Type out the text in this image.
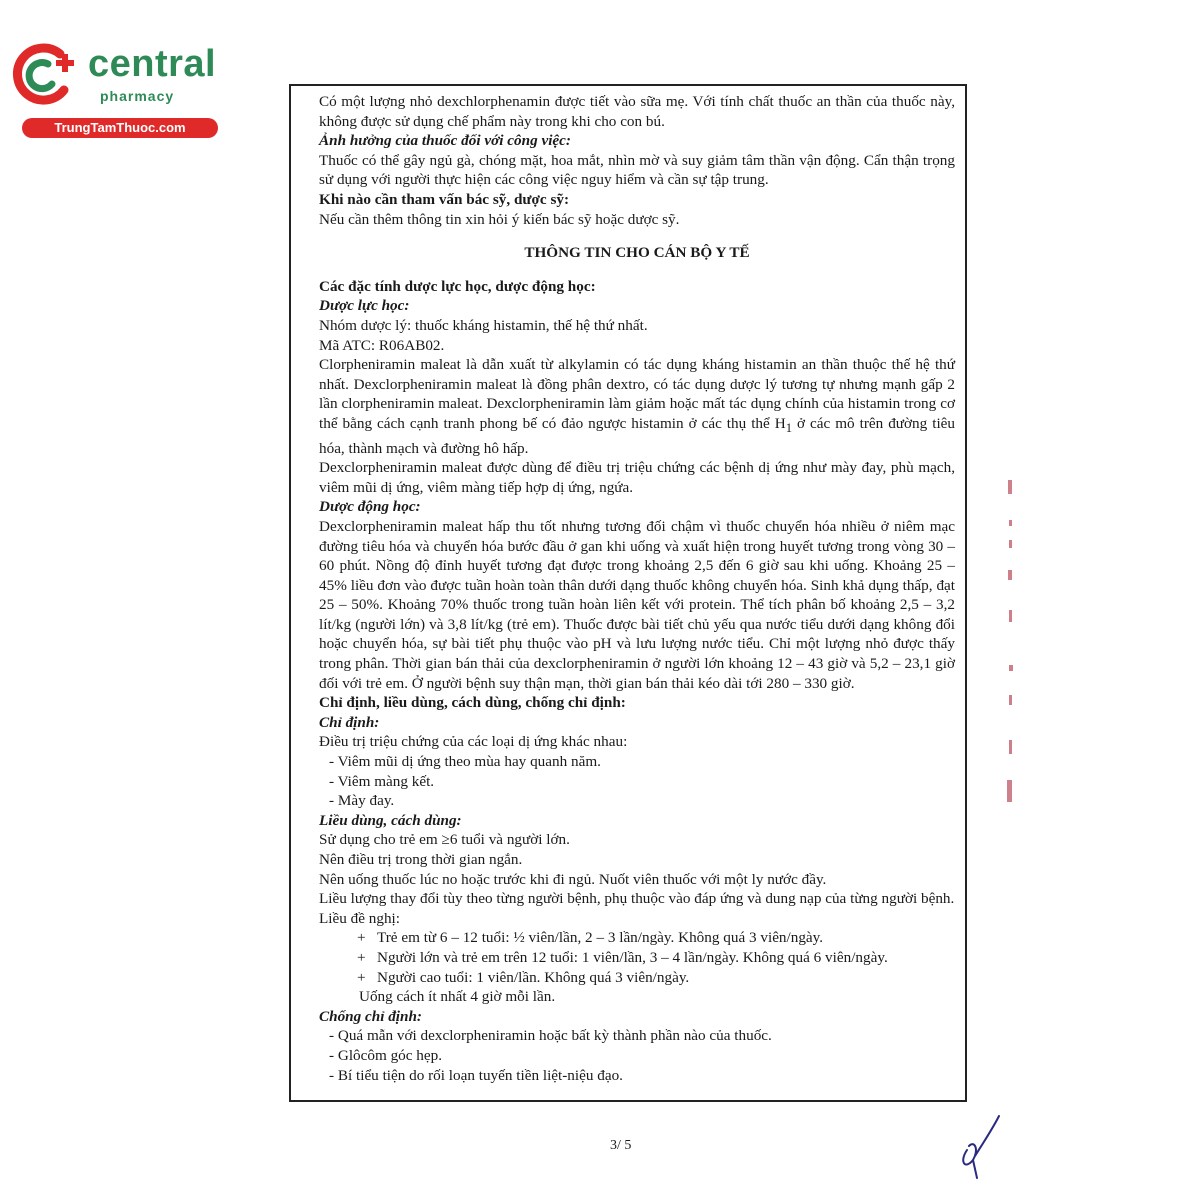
central
pharmacy
TrungTamThuoc.com

Có một lượng nhỏ dexchlorphenamin được tiết vào sữa mẹ. Với tính chất thuốc an thần của thuốc này, không được sử dụng chế phẩm này trong khi cho con bú.

Ảnh hưởng của thuốc đối với công việc:

Thuốc có thể gây ngủ gà, chóng mặt, hoa mắt, nhìn mờ và suy giảm tâm thần vận động. Cẩn thận trọng sử dụng với người thực hiện các công việc nguy hiểm và cần sự tập trung.

Khi nào cần tham vấn bác sỹ, dược sỹ:

Nếu cần thêm thông tin xin hỏi ý kiến bác sỹ hoặc dược sỹ.

THÔNG TIN CHO CÁN BỘ Y TẾ

Các đặc tính dược lực học, dược động học:

Dược lực học:

Nhóm dược lý: thuốc kháng histamin, thế hệ thứ nhất.

Mã ATC: R06AB02.

Clorpheniramin maleat là dẫn xuất từ alkylamin có tác dụng kháng histamin an thần thuộc thế hệ thứ nhất. Dexclorpheniramin maleat là đồng phân dextro, có tác dụng dược lý tương tự nhưng mạnh gấp 2 lần clorpheniramin maleat. Dexclorpheniramin làm giảm hoặc mất tác dụng chính của histamin trong cơ thể bằng cách cạnh tranh phong bế có đảo ngược histamin ở các thụ thể $H_1$ ở các mô trên đường tiêu hóa, thành mạch và đường hô hấp.

Dexclorpheniramin maleat được dùng để điều trị triệu chứng các bệnh dị ứng như mày đay, phù mạch, viêm mũi dị ứng, viêm màng tiếp hợp dị ứng, ngứa.

Dược động học:

Dexclorpheniramin maleat hấp thu tốt nhưng tương đối chậm vì thuốc chuyển hóa nhiều ở niêm mạc đường tiêu hóa và chuyển hóa bước đầu ở gan khi uống và xuất hiện trong huyết tương trong vòng 30 – 60 phút. Nồng độ đỉnh huyết tương đạt được trong khoảng 2,5 đến 6 giờ sau khi uống. Khoảng 25 – 45% liều đơn vào được tuần hoàn toàn thân dưới dạng thuốc không chuyển hóa. Sinh khả dụng thấp, đạt 25 – 50%. Khoảng 70% thuốc trong tuần hoàn liên kết với protein. Thể tích phân bố khoảng 2,5 – 3,2 lít/kg (người lớn) và 3,8 lít/kg (trẻ em). Thuốc được bài tiết chủ yếu qua nước tiểu dưới dạng không đổi hoặc chuyển hóa, sự bài tiết phụ thuộc vào pH và lưu lượng nước tiểu. Chỉ một lượng nhỏ được thấy trong phân. Thời gian bán thải của dexclorpheniramin ở người lớn khoảng 12 – 43 giờ và 5,2 – 23,1 giờ đối với trẻ em. Ở người bệnh suy thận mạn, thời gian bán thải kéo dài tới 280 – 330 giờ.

Chỉ định, liều dùng, cách dùng, chống chỉ định:

Chỉ định:

Điều trị triệu chứng của các loại dị ứng khác nhau:

- Viêm mũi dị ứng theo mùa hay quanh năm.

- Viêm màng kết.

- Mày đay.

Liều dùng, cách dùng:

Sử dụng cho trẻ em ≥6 tuổi và người lớn.

Nên điều trị trong thời gian ngắn.

Nên uống thuốc lúc no hoặc trước khi đi ngủ. Nuốt viên thuốc với một ly nước đầy.

Liều lượng thay đổi tùy theo từng người bệnh, phụ thuộc vào đáp ứng và dung nạp của từng người bệnh.

Liều đề nghị:

+ Trẻ em từ 6 – 12 tuổi: ½ viên/lần, 2 – 3 lần/ngày. Không quá 3 viên/ngày.

+ Người lớn và trẻ em trên 12 tuổi: 1 viên/lần, 3 – 4 lần/ngày. Không quá 6 viên/ngày.

+ Người cao tuổi: 1 viên/lần. Không quá 3 viên/ngày.

Uống cách ít nhất 4 giờ mỗi lần.

Chống chỉ định:

- Quá mẫn với dexclorpheniramin hoặc bất kỳ thành phần nào của thuốc.

- Glôcôm góc hẹp.

- Bí tiểu tiện do rối loạn tuyến tiền liệt-niệu đạo.

3/ 5
